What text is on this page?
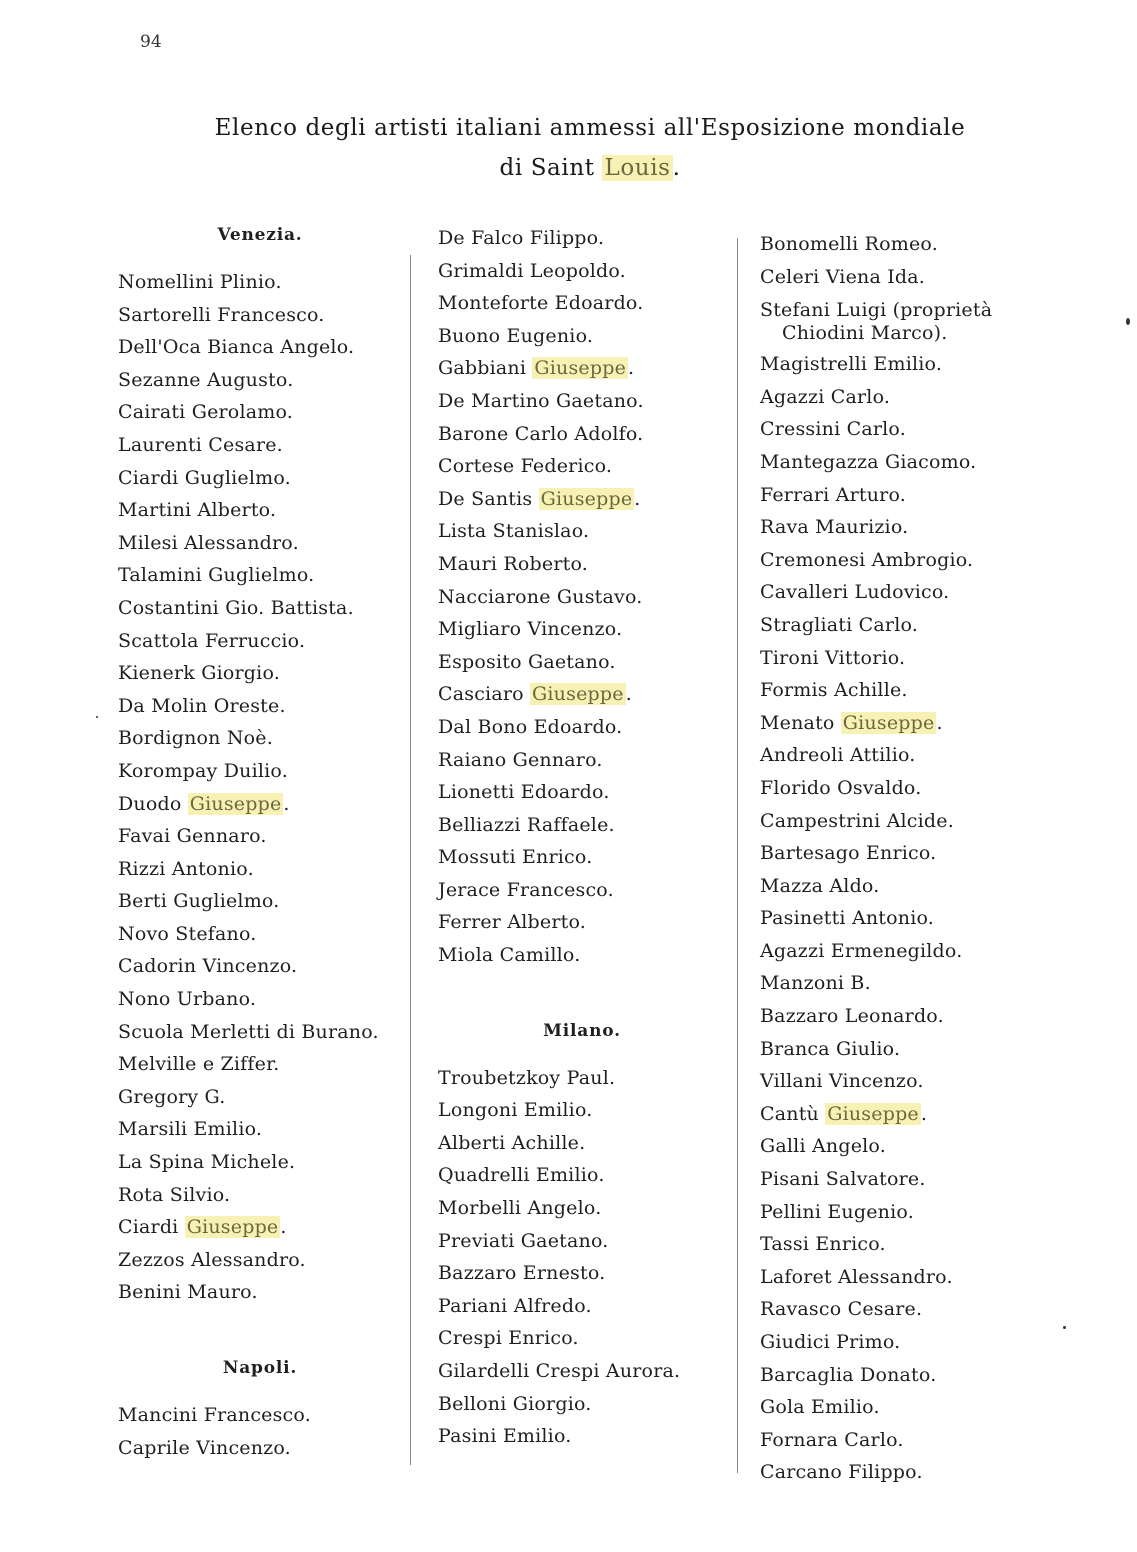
94
Elenco degli artisti italiani ammessi all'Esposizione mondiale
di Saint Louis.
Venezia.
Nomellini Plinio.
Sartorelli Francesco.
Dell'Oca Bianca Angelo.
Sezanne Augusto.
Cairati Gerolamo.
Laurenti Cesare.
Ciardi Guglielmo.
Martini Alberto.
Milesi Alessandro.
Talamini Guglielmo.
Costantini Gio. Battista.
Scattola Ferruccio.
Kienerk Giorgio.
Da Molin Oreste.
Bordignon Noè.
Korompay Duilio.
Duodo Giuseppe .
Favai Gennaro.
Rizzi Antonio.
Berti Guglielmo.
Novo Stefano.
Cadorin Vincenzo.
Nono Urbano.
Scuola Merletti di Burano.
Melville e Ziffer.
Gregory G.
Marsili Emilio.
La Spina Michele.
Rota Silvio.
Ciardi Giuseppe .
Zezzos Alessandro.
Benini Mauro.
Napoli.
Mancini Francesco.
Caprile Vincenzo.
De Falco Filippo.
Grimaldi Leopoldo.
Monteforte Edoardo.
Buono Eugenio.
Gabbiani Giuseppe .
De Martino Gaetano.
Barone Carlo Adolfo.
Cortese Federico.
De Santis Giuseppe .
Lista Stanislao.
Mauri Roberto.
Nacciarone Gustavo.
Migliaro Vincenzo.
Esposito Gaetano.
Casciaro Giuseppe .
Dal Bono Edoardo.
Raiano Gennaro.
Lionetti Edoardo.
Belliazzi Raffaele.
Mossuti Enrico.
Jerace Francesco.
Ferrer Alberto.
Miola Camillo.
Milano.
Troubetzkoy Paul.
Longoni Emilio.
Alberti Achille.
Quadrelli Emilio.
Morbelli Angelo.
Previati Gaetano.
Bazzaro Ernesto.
Pariani Alfredo.
Crespi Enrico.
Gilardelli Crespi Aurora.
Belloni Giorgio.
Pasini Emilio.
Bonomelli Romeo.
Celeri Viena Ida.
Stefani Luigi (proprietà
Chiodini Marco).
Magistrelli Emilio.
Agazzi Carlo.
Cressini Carlo.
Mantegazza Giacomo.
Ferrari Arturo.
Rava Maurizio.
Cremonesi Ambrogio.
Cavalleri Ludovico.
Stragliati Carlo.
Tironi Vittorio.
Formis Achille.
Menato Giuseppe .
Andreoli Attilio.
Florido Osvaldo.
Campestrini Alcide.
Bartesago Enrico.
Mazza Aldo.
Pasinetti Antonio.
Agazzi Ermenegildo.
Manzoni B.
Bazzaro Leonardo.
Branca Giulio.
Villani Vincenzo.
Cantù Giuseppe .
Galli Angelo.
Pisani Salvatore.
Pellini Eugenio.
Tassi Enrico.
Laforet Alessandro.
Ravasco Cesare.
Giudici Primo.
Barcaglia Donato.
Gola Emilio.
Fornara Carlo.
Carcano Filippo.
